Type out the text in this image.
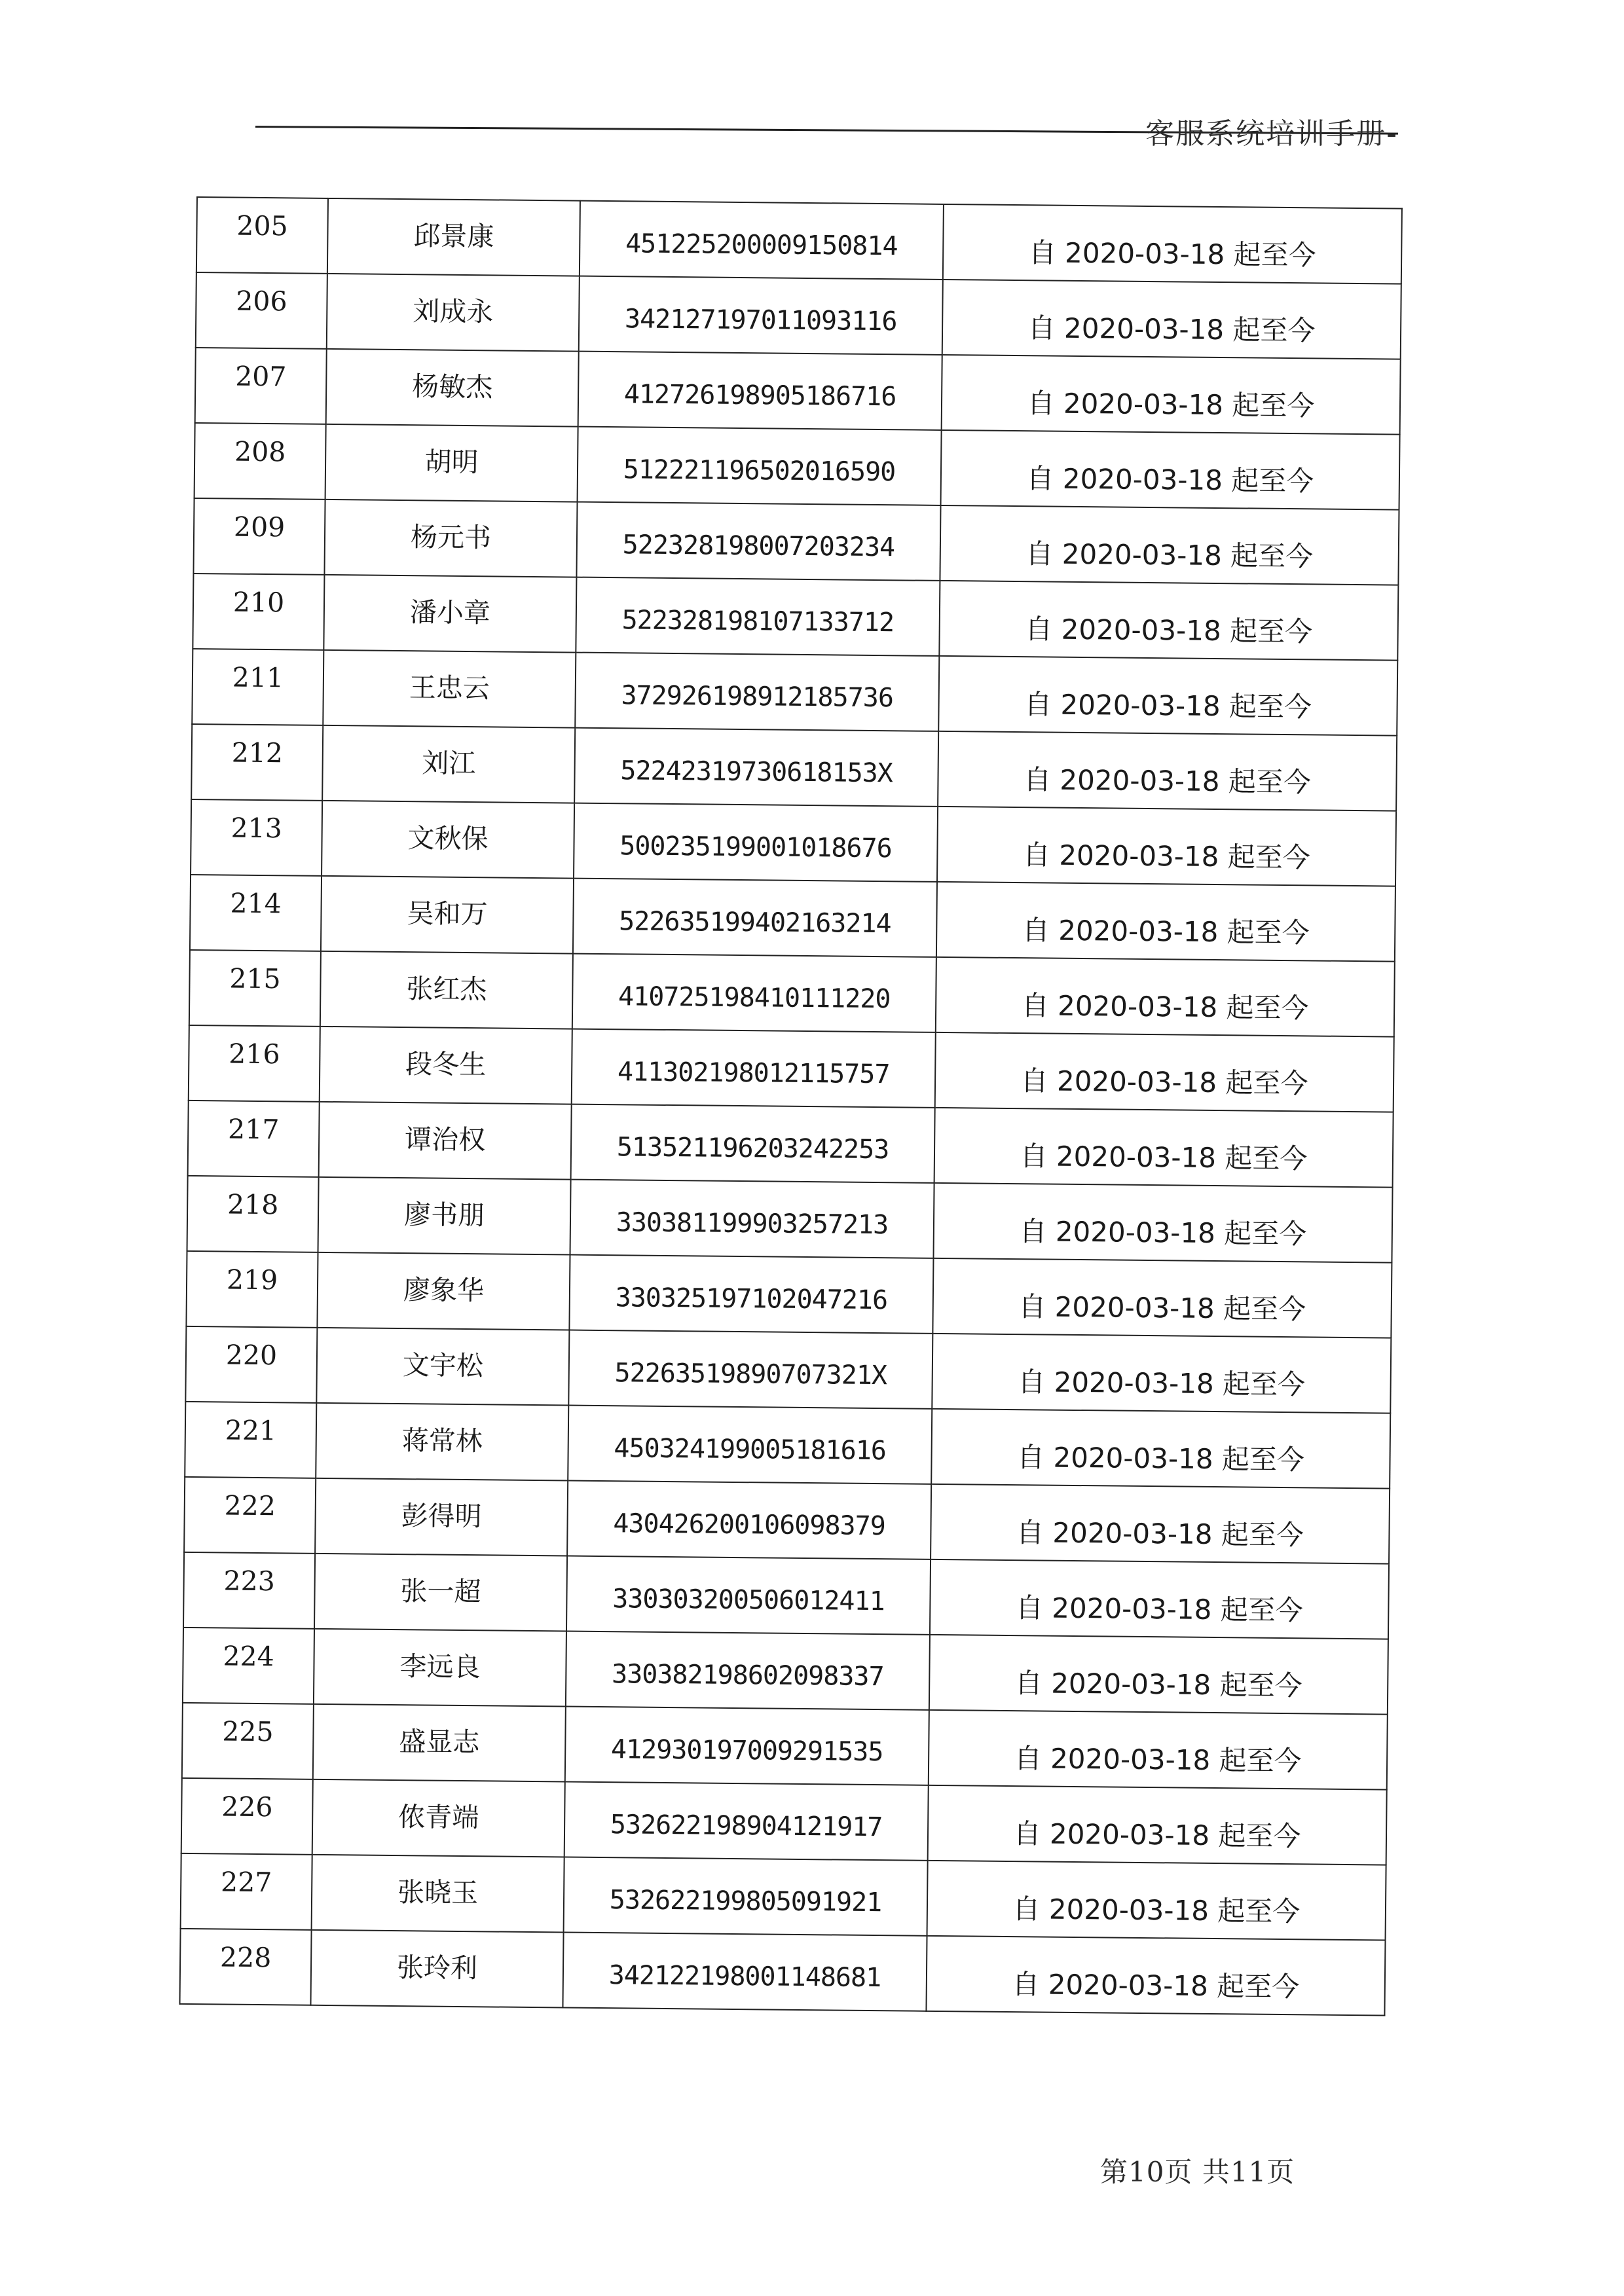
客服系统培训手册-
205	邱景康	451225200009150814	自 2020-03-18 起至今
206	刘成永	342127197011093116	自 2020-03-18 起至今
207	杨敏杰	412726198905186716	自 2020-03-18 起至今
208	胡明	512221196502016590	自 2020-03-18 起至今
209	杨元书	522328198007203234	自 2020-03-18 起至今
210	潘小章	522328198107133712	自 2020-03-18 起至今
211	王忠云	372926198912185736	自 2020-03-18 起至今
212	刘江	52242319730618153X	自 2020-03-18 起至今
213	文秋保	500235199001018676	自 2020-03-18 起至今
214	吴和万	522635199402163214	自 2020-03-18 起至今
215	张红杰	410725198410111220	自 2020-03-18 起至今
216	段冬生	411302198012115757	自 2020-03-18 起至今
217	谭治权	513521196203242253	自 2020-03-18 起至今
218	廖书朋	330381199903257213	自 2020-03-18 起至今
219	廖象华	330325197102047216	自 2020-03-18 起至今
220	文宇松	52263519890707321X	自 2020-03-18 起至今
221	蒋常林	450324199005181616	自 2020-03-18 起至今
222	彭得明	430426200106098379	自 2020-03-18 起至今
223	张一超	330303200506012411	自 2020-03-18 起至今
224	李远良	330382198602098337	自 2020-03-18 起至今
225	盛显志	412930197009291535	自 2020-03-18 起至今
226	侬青端	532622198904121917	自 2020-03-18 起至今
227	张晓玉	532622199805091921	自 2020-03-18 起至今
228	张玲利	342122198001148681	自 2020-03-18 起至今
第10页 共11页
